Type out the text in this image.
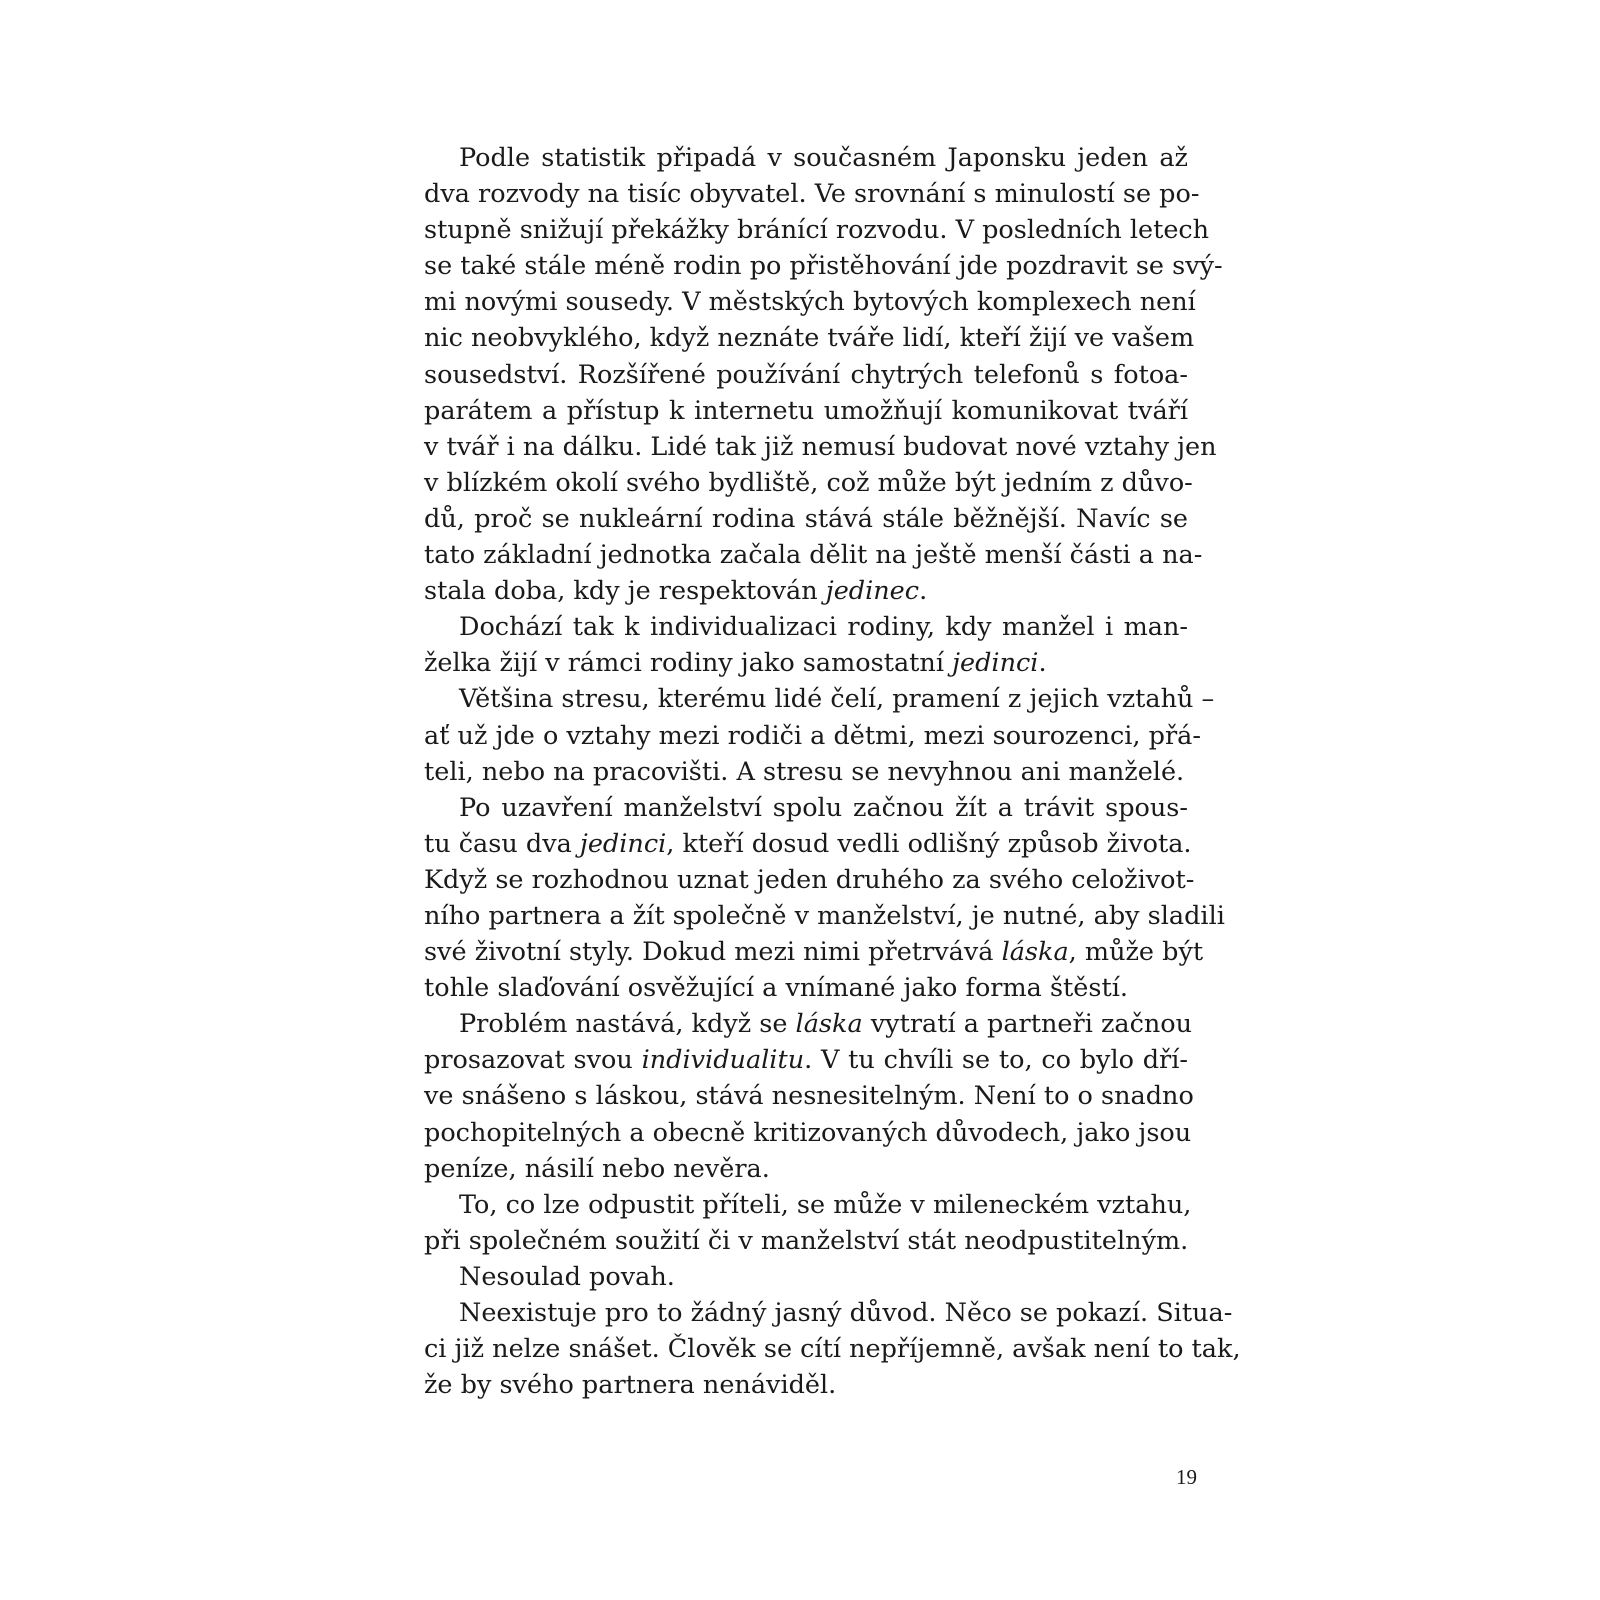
Podle statistik připadá v současném Japonsku jeden až
dva rozvody na tisíc obyvatel. Ve srovnání s minulostí se po-
stupně snižují překážky bránící rozvodu. V posledních letech
se také stále méně rodin po přistěhování jde pozdravit se svý-
mi novými sousedy. V městských bytových komplexech není
nic neobvyklého, když neznáte tváře lidí, kteří žijí ve vašem
sousedství. Rozšířené používání chytrých telefonů s fotoa-
parátem a přístup k internetu umožňují komunikovat tváří
v tvář i na dálku. Lidé tak již nemusí budovat nové vztahy jen
v blízkém okolí svého bydliště, což může být jedním z důvo-
dů, proč se nukleární rodina stává stále běžnější. Navíc se
tato základní jednotka začala dělit na ještě menší části a na-
stala doba, kdy je respektován jedinec.
Dochází tak k individualizaci rodiny, kdy manžel i man-
želka žijí v rámci rodiny jako samostatní jedinci.
Většina stresu, kterému lidé čelí, pramení z jejich vztahů –
ať už jde o vztahy mezi rodiči a dětmi, mezi sourozenci, přá-
teli, nebo na pracovišti. A stresu se nevyhnou ani manželé.
Po uzavření manželství spolu začnou žít a trávit spous-
tu času dva jedinci, kteří dosud vedli odlišný způsob života.
Když se rozhodnou uznat jeden druhého za svého celoživot-
ního partnera a žít společně v manželství, je nutné, aby sladili
své životní styly. Dokud mezi nimi přetrvává láska, může být
tohle slaďování osvěžující a vnímané jako forma štěstí.
Problém nastává, když se láska vytratí a partneři začnou
prosazovat svou individualitu. V tu chvíli se to, co bylo dří-
ve snášeno s láskou, stává nesnesitelným. Není to o snadno
pochopitelných a obecně kritizovaných důvodech, jako jsou
peníze, násilí nebo nevěra.
To, co lze odpustit příteli, se může v mileneckém vztahu,
při společném soužití či v manželství stát neodpustitelným.
Nesoulad povah.
Neexistuje pro to žádný jasný důvod. Něco se pokazí. Situa-
ci již nelze snášet. Člověk se cítí nepříjemně, avšak není to tak,
že by svého partnera nenáviděl.
19
